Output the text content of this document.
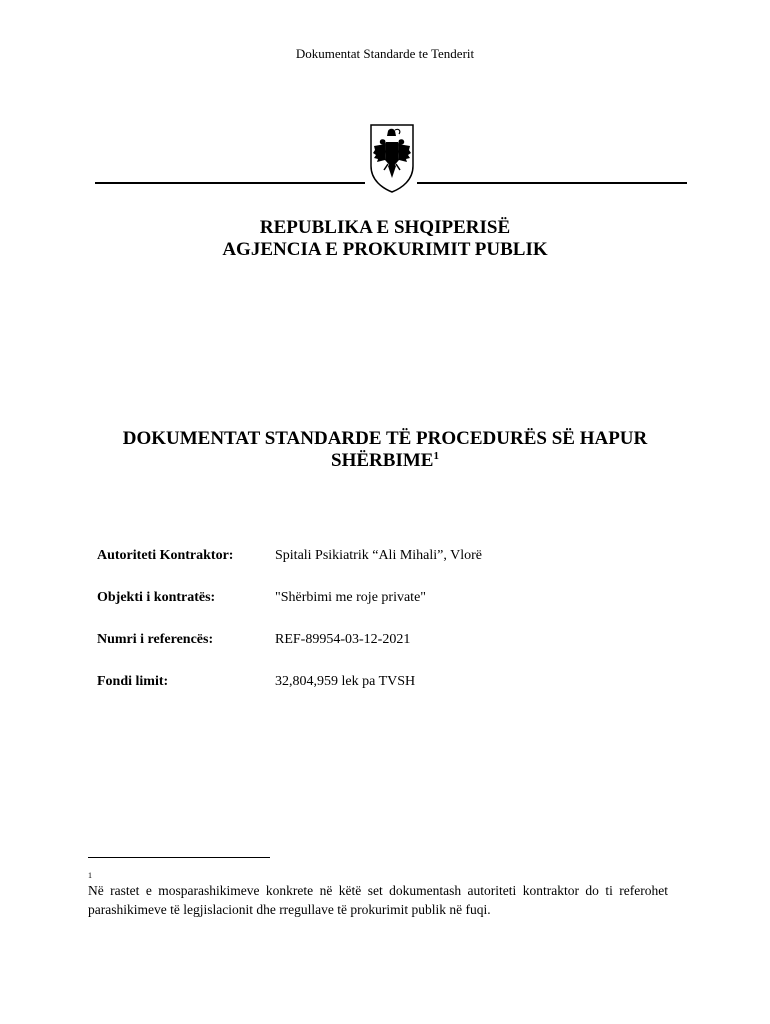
Dokumentat Standarde te Tenderit
REPUBLIKA E SHQIPERISË
AGJENCIA E PROKURIMIT PUBLIK
DOKUMENTAT STANDARDE TË PROCEDURËS SË HAPUR
SHËRBIME$^1$
Autoriteti Kontraktor:	Spitali Psikiatrik “Ali Mihali”, Vlorë
Objekti i kontratës:	"Shërbimi me roje private"
Numri i referencës:	REF-89954-03-12-2021
Fondi limit:	32,804,959 lek pa TVSH
1
Në rastet e mosparashikimeve konkrete në këtë set dokumentash autoriteti kontraktor do ti referohet parashikimeve të legjislacionit dhe rregullave të prokurimit publik në fuqi.
